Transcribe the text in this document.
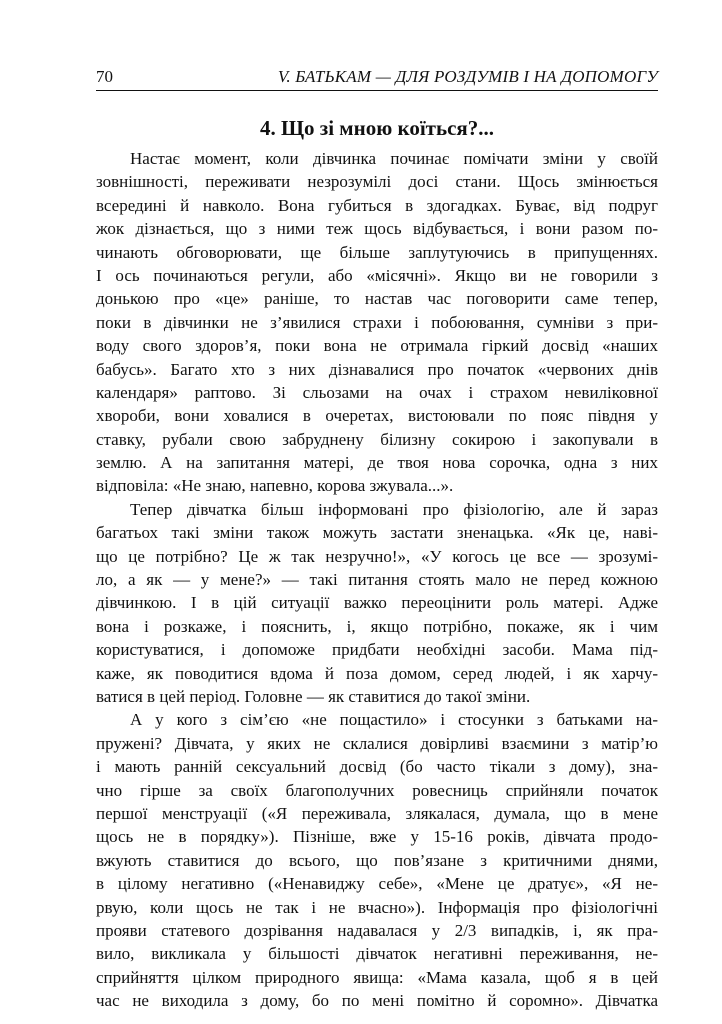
70	V. БАТЬКАМ — ДЛЯ РОЗДУМІВ І НА ДОПОМОГУ
4. Що зі мною коїться?...
Настає момент, коли дівчинка починає помічати зміни у своїй
зовнішності, переживати незрозумілі досі стани. Щось змінюється
всередині й навколо. Вона губиться в здогадках. Буває, від подруг
жок дізнається, що з ними теж щось відбувається, і вони разом по-
чинають обговорювати, ще більше заплутуючись в припущеннях.
І ось починаються регули, або «місячні». Якщо ви не говорили з
донькою про «це» раніше, то настав час поговорити саме тепер,
поки в дівчинки не з’явилися страхи і побоювання, сумніви з при-
воду свого здоров’я, поки вона не отримала гіркий досвід «наших
бабусь». Багато хто з них дізнавалися про початок «червоних днів
календаря» раптово. Зі сльозами на очах і страхом невиліковної
хвороби, вони ховалися в очеретах, вистоювали по пояс півдня у
ставку, рубали свою забруднену білизну сокирою і закопували в
землю. А на запитання матері, де твоя нова сорочка, одна з них
відповіла: «Не знаю, напевно, корова зжувала...».
Тепер дівчатка більш інформовані про фізіологію, але й зараз
багатьох такі зміни також можуть застати зненацька. «Як це, наві-
що це потрібно? Це ж так незручно!», «У когось це все — зрозумі-
ло, а як — у мене?» — такі питання стоять мало не перед кожною
дівчинкою. І в цій ситуації важко переоцінити роль матері. Адже
вона і розкаже, і пояснить, і, якщо потрібно, покаже, як і чим
користуватися, і допоможе придбати необхідні засоби. Мама під-
каже, як поводитися вдома й поза домом, серед людей, і як харчу-
ватися в цей період. Головне — як ставитися до такої зміни.
А у кого з сім’єю «не пощастило» і стосунки з батьками на-
пружені? Дівчата, у яких не склалися довірливі взаємини з матір’ю
і мають ранній сексуальний досвід (бо часто тікали з дому), зна-
чно гірше за своїх благополучних ровесниць сприйняли початок
першої менструації («Я переживала, злякалася, думала, що в мене
щось не в порядку»). Пізніше, вже у 15-16 років, дівчата продо-
вжують ставитися до всього, що пов’язане з критичними днями,
в цілому негативно («Ненавиджу себе», «Мене це дратує», «Я не-
рвую, коли щось не так і не вчасно»). Інформація про фізіологічні
прояви статевого дозрівання надавалася у 2/3 випадків, і, як пра-
вило, викликала у більшості дівчаток негативні переживання, не-
сприйняття цілком природного явища: «Мама казала, щоб я в цей
час не виходила з дому, бо по мені помітно й соромно». Дівчатка
